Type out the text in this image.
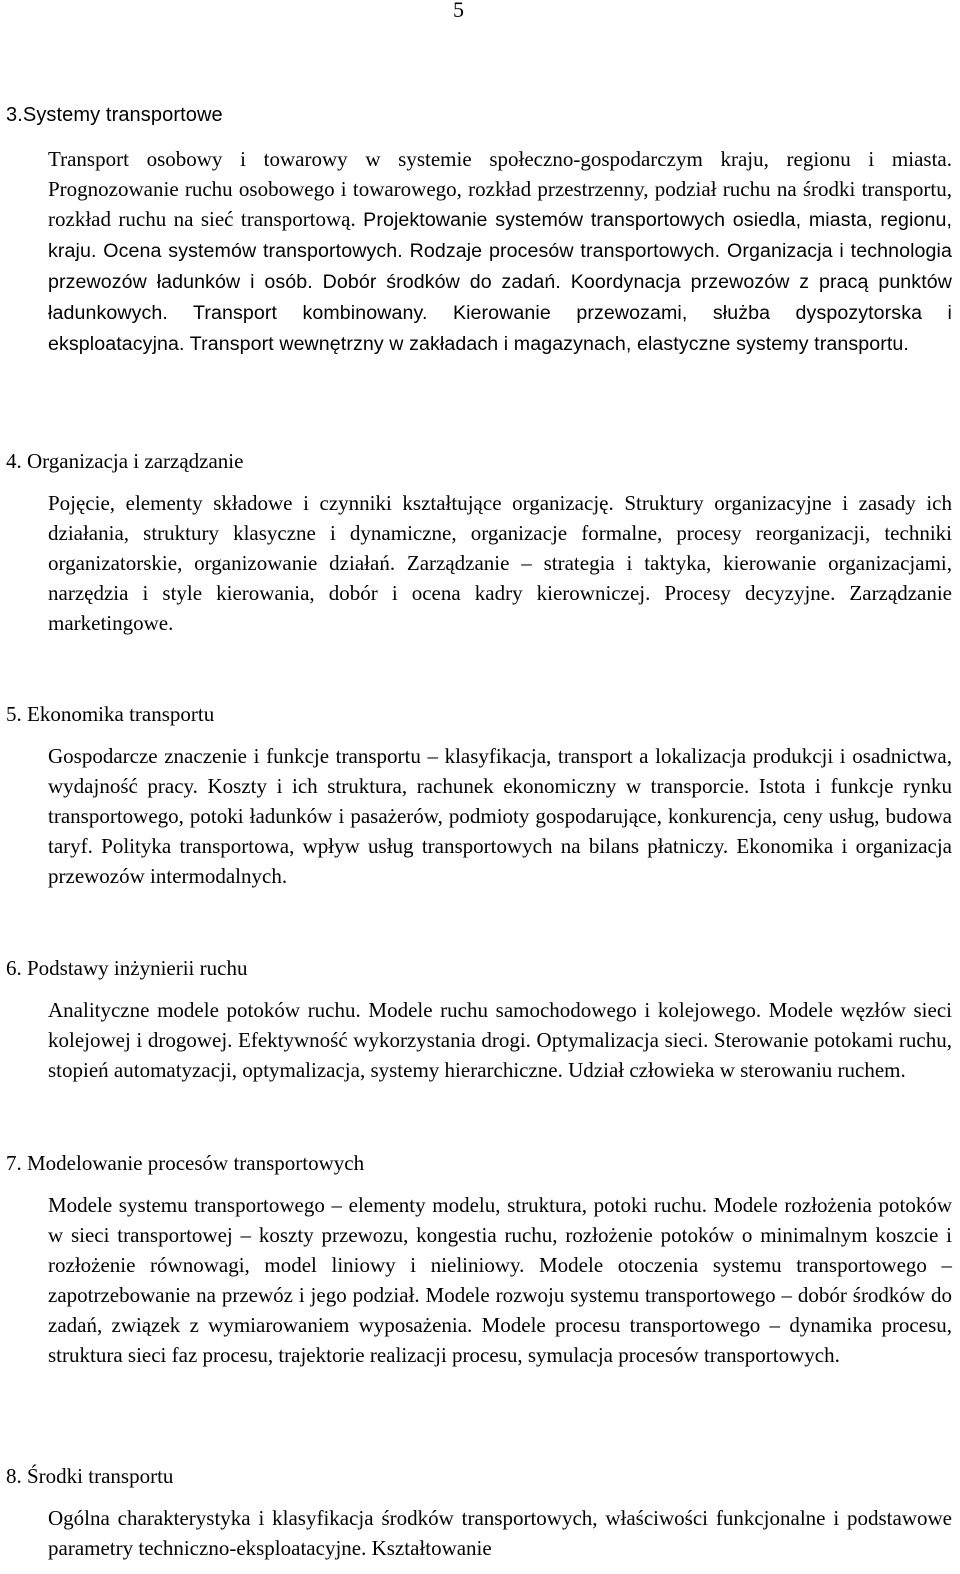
5
3.Systemy transportowe

Transport osobowy i towarowy w systemie społeczno-gospodarczym kraju, regionu i miasta. Prognozowanie ruchu osobowego i towarowego, rozkład przestrzenny, podział ruchu na środki transportu, rozkład ruchu na sieć transportową. Projektowanie systemów transportowych osiedla, miasta, regionu, kraju. Ocena systemów transportowych. Rodzaje procesów transportowych. Organizacja i technologia przewozów ładunków i osób. Dobór środków do zadań. Koordynacja przewozów z pracą punktów ładunkowych. Transport kombinowany. Kierowanie przewozami, służba dyspozytorska i eksploatacyjna. Transport wewnętrzny w zakładach i magazynach, elastyczne systemy transportu.

4. Organizacja i zarządzanie

Pojęcie, elementy składowe i czynniki kształtujące organizację. Struktury organizacyjne i zasady ich działania, struktury klasyczne i dynamiczne, organizacje formalne, procesy reorganizacji, techniki organizatorskie, organizowanie działań. Zarządzanie – strategia i taktyka, kierowanie organizacjami, narzędzia i style kierowania, dobór i ocena kadry kierowniczej. Procesy decyzyjne. Zarządzanie marketingowe.

5. Ekonomika transportu

Gospodarcze znaczenie i funkcje transportu – klasyfikacja, transport a lokalizacja produkcji i osadnictwa, wydajność pracy. Koszty i ich struktura, rachunek ekonomiczny w transporcie. Istota i funkcje rynku transportowego, potoki ładunków i pasażerów, podmioty gospodarujące, konkurencja, ceny usług, budowa taryf. Polityka transportowa, wpływ usług transportowych na bilans płatniczy. Ekonomika i organizacja przewozów intermodalnych.

6. Podstawy inżynierii ruchu

Analityczne modele potoków ruchu. Modele ruchu samochodowego i kolejowego. Modele węzłów sieci kolejowej i drogowej. Efektywność wykorzystania drogi. Optymalizacja sieci. Sterowanie potokami ruchu, stopień automatyzacji, optymalizacja, systemy hierarchiczne. Udział człowieka w sterowaniu ruchem.

7. Modelowanie procesów transportowych

Modele systemu transportowego – elementy modelu, struktura, potoki ruchu. Modele rozłożenia potoków w sieci transportowej – koszty przewozu, kongestia ruchu, rozłożenie potoków o minimalnym koszcie i rozłożenie równowagi, model liniowy i nieliniowy. Modele otoczenia systemu transportowego – zapotrzebowanie na przewóz i jego podział. Modele rozwoju systemu transportowego – dobór środków do zadań, związek z wymiarowaniem wyposażenia. Modele procesu transportowego – dynamika procesu, struktura sieci faz procesu, trajektorie realizacji procesu, symulacja procesów transportowych.

8. Środki transportu

Ogólna charakterystyka i klasyfikacja środków transportowych, właściwości funkcjonalne i podstawowe parametry techniczno-eksploatacyjne. Kształtowanie
